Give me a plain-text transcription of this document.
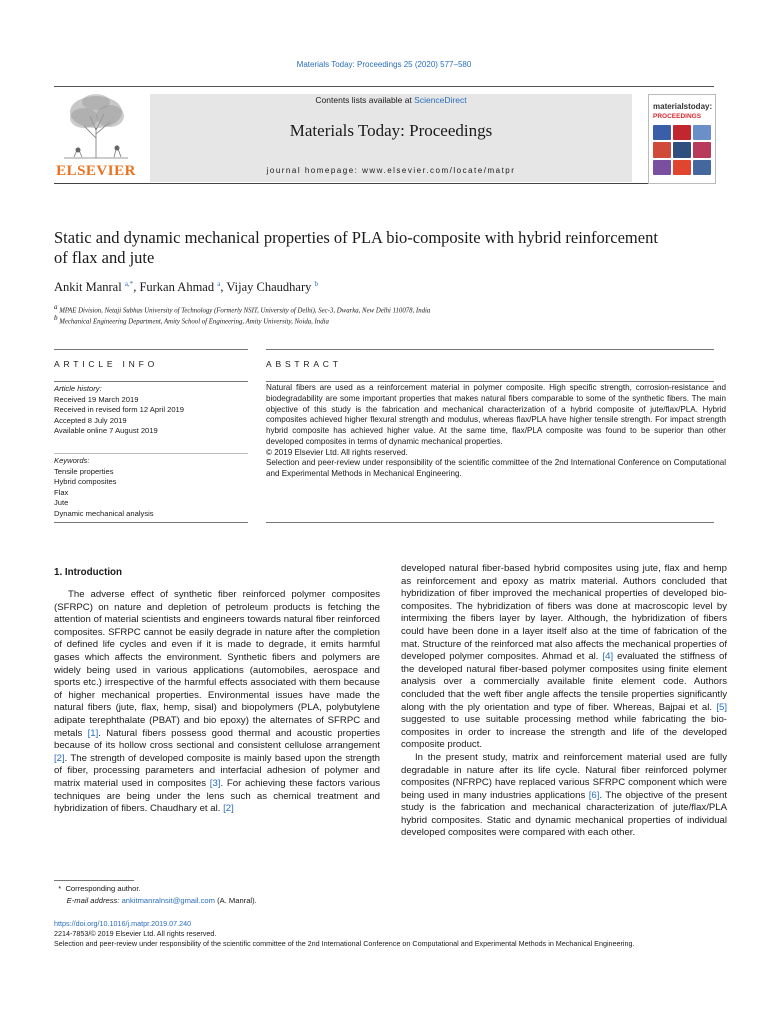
Materials Today: Proceedings 25 (2020) 577–580
ELSEVIER
Contents lists available at ScienceDirect
Materials Today: Proceedings
journal homepage: www.elsevier.com/locate/matpr
materialstoday:
PROCEEDINGS
Static and dynamic mechanical properties of PLA bio-composite with hybrid reinforcement of flax and jute
Ankit Manral $^{a,*}$, Furkan Ahmad $^a$, Vijay Chaudhary $^b$
$^a$ MPAE Division, Netaji Subhas University of Technology (Formerly NSIT, University of Delhi), Sec-3, Dwarka, New Delhi 110078, India
$^b$ Mechanical Engineering Department, Amity School of Engineering, Amity University, Noida, India
ARTICLE INFO
Article history:
Received 19 March 2019
Received in revised form 12 April 2019
Accepted 8 July 2019
Available online 7 August 2019
Keywords:
Tensile properties
Hybrid composites
Flax
Jute
Dynamic mechanical analysis
ABSTRACT

Natural fibers are used as a reinforcement material in polymer composite. High specific strength, corrosion-resistance and biodegradability are some important properties that makes natural fibers comparable to some of the synthetic fibers. The main objective of this study is the fabrication and mechanical characterization of a hybrid composite of jute/flax/PLA. Hybrid composites achieved higher flexural strength and modulus, whereas flax/PLA have higher tensile strength. For impact strength hybrid composite has achieved higher value. At the same time, flax/PLA composite was found to be superior than other developed composites in terms of dynamic mechanical properties.

© 2019 Elsevier Ltd. All rights reserved.

Selection and peer-review under responsibility of the scientific committee of the 2nd International Conference on Computational and Experimental Methods in Mechanical Engineering.

1. Introduction

The adverse effect of synthetic fiber reinforced polymer composites (SFRPC) on nature and depletion of petroleum products is fetching the attention of material scientists and engineers towards natural fiber reinforced composites. SFRPC cannot be easily degrade in nature after the completion of defined life cycles and even if it is made to degrade, it emits harmful gases which affects the environment. Synthetic fibers and polymers are widely being used in various applications (automobiles, aerospace and sports etc.) irrespective of the harmful effects associated with them because of higher mechanical properties. Environmental issues have made the natural fibers (jute, flax, hemp, sisal) and biopolymers (PLA, polybutylene adipate terephthalate (PBAT) and bio epoxy) the alternates of SFRPC and metals [1]. Natural fibers possess good thermal and acoustic properties because of its hollow cross sectional and consistent cellulose arrangement [2]. The strength of developed composite is mainly based upon the strength of fiber, processing parameters and interfacial adhesion of polymer and matrix material used in composites [3]. For achieving these factors various techniques are being under the lens such as chemical treatment and hybridization of fibers. Chaudhary et al. [2]

developed natural fiber-based hybrid composites using jute, flax and hemp as reinforcement and epoxy as matrix material. Authors concluded that hybridization of fiber improved the mechanical properties of developed bio-composites. The hybridization of fibers was done at macroscopic level by intermixing the fibers layer by layer. Although, the hybridization of fibers could have been done in a layer itself also at the time of fabrication of the mat. Structure of the reinforced mat also affects the mechanical properties of developed polymer composites. Ahmad et al. [4] evaluated the stiffness of the developed natural fiber-based polymer composites using finite element analysis over a commercially available finite element code. Authors concluded that the weft fiber angle affects the tensile properties significantly along with the ply orientation and type of fiber. Whereas, Bajpai et al. [5] suggested to use suitable processing method while fabricating the bio-composites in order to increase the strength and life of the developed composite product.

In the present study, matrix and reinforcement material used are fully degradable in nature after its life cycle. Natural fiber reinforced polymer composites (NFRPC) have replaced various SFRPC component which were being used in many industries applications [6]. The objective of the present study is the fabrication and mechanical characterization of jute/flax/PLA hybrid composites. Static and dynamic mechanical properties of individual developed composites were compared with each other.

* Corresponding author.
E-mail address: ankitmanralnsit@gmail.com (A. Manral).
https://doi.org/10.1016/j.matpr.2019.07.240
2214-7853/© 2019 Elsevier Ltd. All rights reserved.
Selection and peer-review under responsibility of the scientific committee of the 2nd International Conference on Computational and Experimental Methods in Mechanical Engineering.
